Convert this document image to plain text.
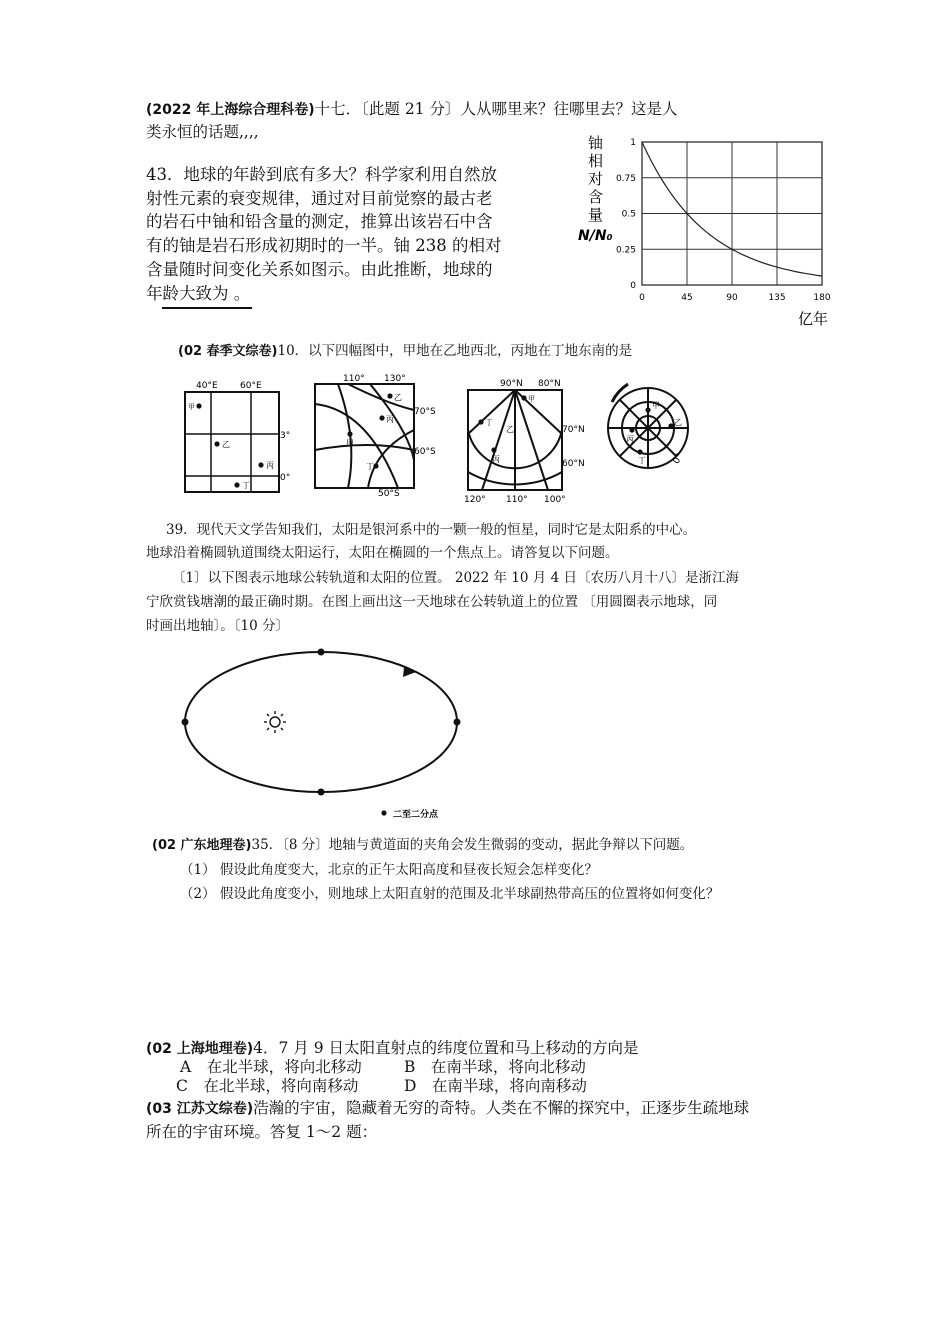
(2022 年上海综合理科卷)十七．〔此题 21 分〕人从哪里来？往哪里去？这是人
类永恒的话题,,,,
43．地球的年龄到底有多大？科学家利用自然放
射性元素的衰变规律，通过对目前觉察的最古老
的岩石中铀和铅含量的测定，推算出该岩石中含
有的铀是岩石形成初期时的一半。铀 238 的相对
含量随时间变化关系如图示。由此推断，地球的
年龄大致为 。
铀
相
对
含
量
N/N₀
0
0.25
0.5
0.75
1
0	45	90	135	180
亿年
(02 春季文综卷)10．以下四幅图中，甲地在乙地西北，丙地在丁地东南的是
40°E 60°E
3°
0°
甲
乙
丙
丁
110° 130°
70°S
60°S
50°S
乙
甲
丙
丁
90°N 80°N
70°N
60°N
120° 110° 100°
甲
丁
乙
丙
甲
乙
丙
丁	0°
39．现代天文学告知我们，太阳是银河系中的一颗一般的恒星，同时它是太阳系的中心。
地球沿着椭圆轨道围绕太阳运行，太阳在椭圆的一个焦点上。请答复以下问题。
〔1〕以下图表示地球公转轨道和太阳的位置。 2022 年 10 月 4 日〔农历八月十八〕是浙江海
宁欣赏钱塘潮的最正确时期。在图上画出这一天地球在公转轨道上的位置 〔用圆圈表示地球，同
时画出地轴〕。〔10 分〕
二至二分点
(02 广东地理卷)35．〔8 分〕地轴与黄道面的夹角会发生微弱的变动，据此争辩以下问题。
（1） 假设此角度变大，北京的正午太阳高度和昼夜长短会怎样变化？
（2） 假设此角度变小，则地球上太阳直射的范围及北半球副热带高压的位置将如何变化？
(02 上海地理卷)4．7 月 9 日太阳直射点的纬度位置和马上移动的方向是
A　在北半球，将向北移动	B　在南半球，将向北移动
C　在北半球，将向南移动	D　在南半球，将向南移动
(03 江苏文综卷)浩瀚的宇宙，隐藏着无穷的奇特。人类在不懈的探究中，正逐步生疏地球
所在的宇宙环境。答复 1～2 题：
